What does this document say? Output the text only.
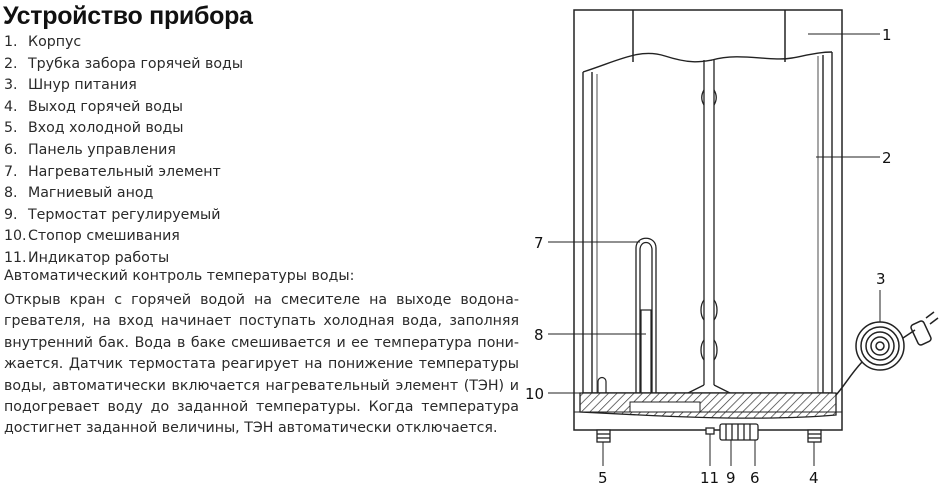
Устройство прибора
1. Корпус
2. Трубка забора горячей воды
3. Шнур питания
4. Выход горячей воды
5. Вход холодной воды
6. Панель управления
7. Нагревательный элемент
8. Магниевый анод
9. Термостат регулируемый
10.Стопор смешивания
11.Индикатор работы
Автоматический контроль температуры воды:

Открыв кран с горячей водой на смесителе на выходе водонагревателя, на вход начинает поступать холодная вода, заполняя внутренний бак. Вода в баке смешивается и ее температура понижается. Датчик термостата реагирует на понижение температуры воды, автоматически включается нагревательный элемент (ТЭН) и подогревает воду до заданной температуры. Когда температура достигнет заданной величины, ТЭН автоматически отключается.

1
2
3
4
5	6
7
8
9
10
11
